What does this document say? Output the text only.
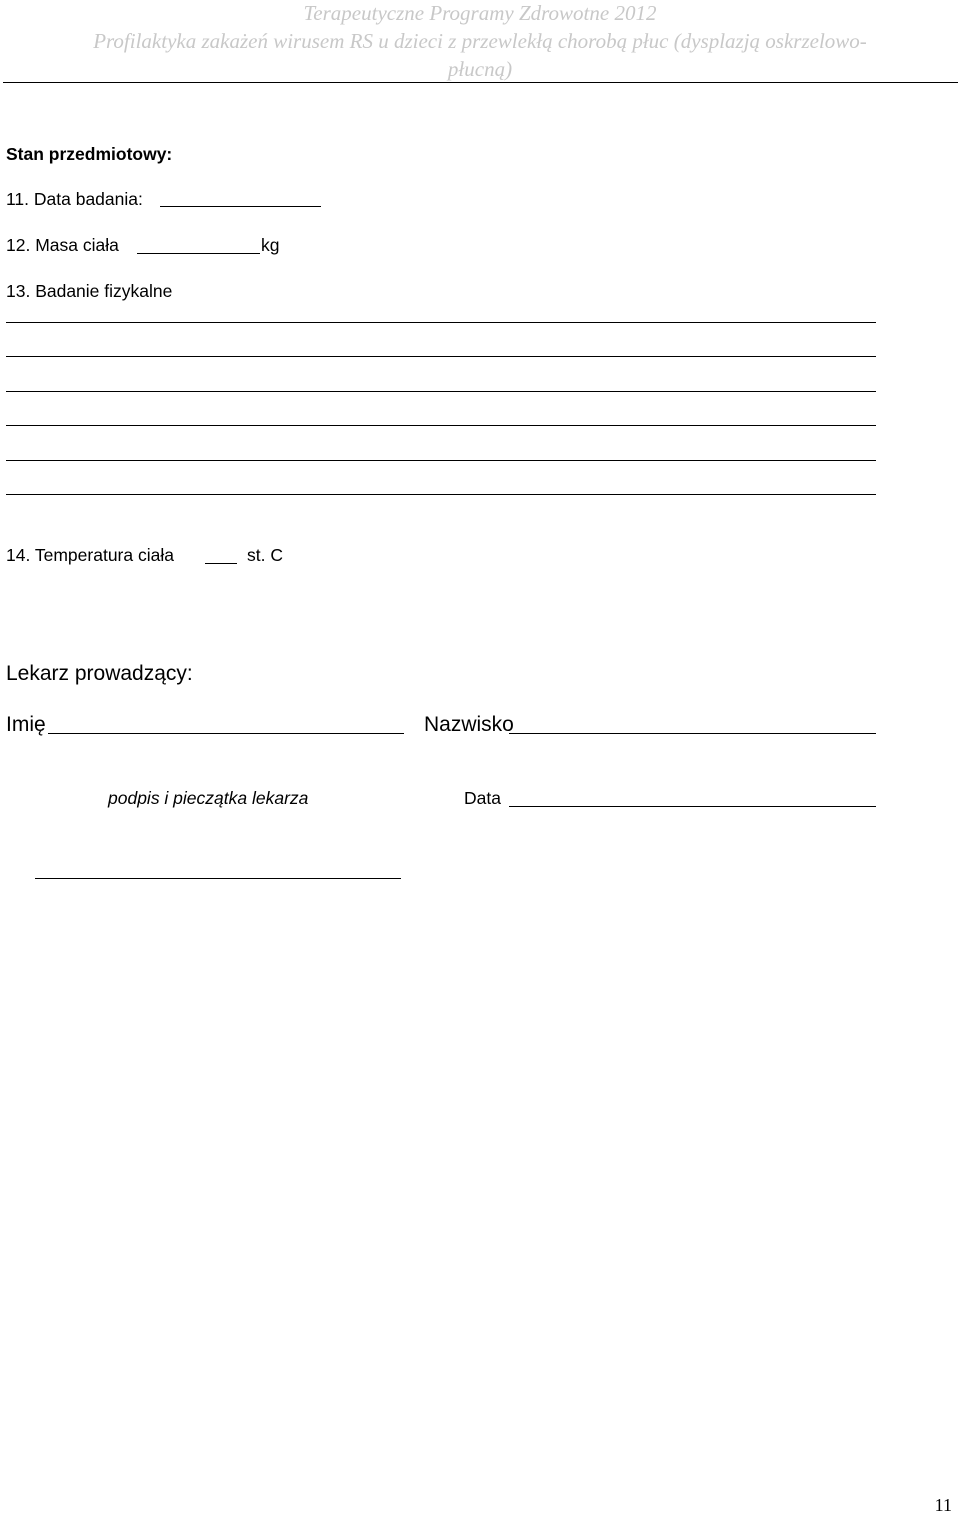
Terapeutyczne Programy Zdrowotne 2012
Profilaktyka zakażeń wirusem RS u dzieci z przewlekłą chorobą płuc (dysplazją oskrzelowo-
płucną)
Stan przedmiotowy:
11. Data badania:
12. Masa ciała	kg
13. Badanie fizykalne
14. Temperatura ciała	st. C
Lekarz prowadzący:
Imię	Nazwisko
podpis i pieczątka lekarza	Data
11
